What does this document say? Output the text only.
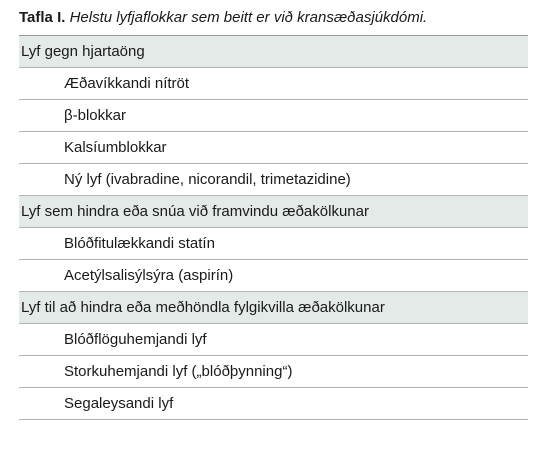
Tafla I. Helstu lyfjaflokkar sem beitt er við kransæðasjúkdómi.
Lyf gegn hjartaöng
Æðavíkkandi nítröt
β-blokkar
Kalsíumblokkar
Ný lyf (ivabradine, nicorandil, trimetazidine)
Lyf sem hindra eða snúa við framvindu æðakölkunar
Blóðfitulækkandi statín
Acetýlsalisýlsýra (aspirín)
Lyf til að hindra eða meðhöndla fylgikvilla æðakölkunar
Blóðflöguhemjandi lyf
Storkuhemjandi lyf („blóðþynning“)
Segaleysandi lyf
